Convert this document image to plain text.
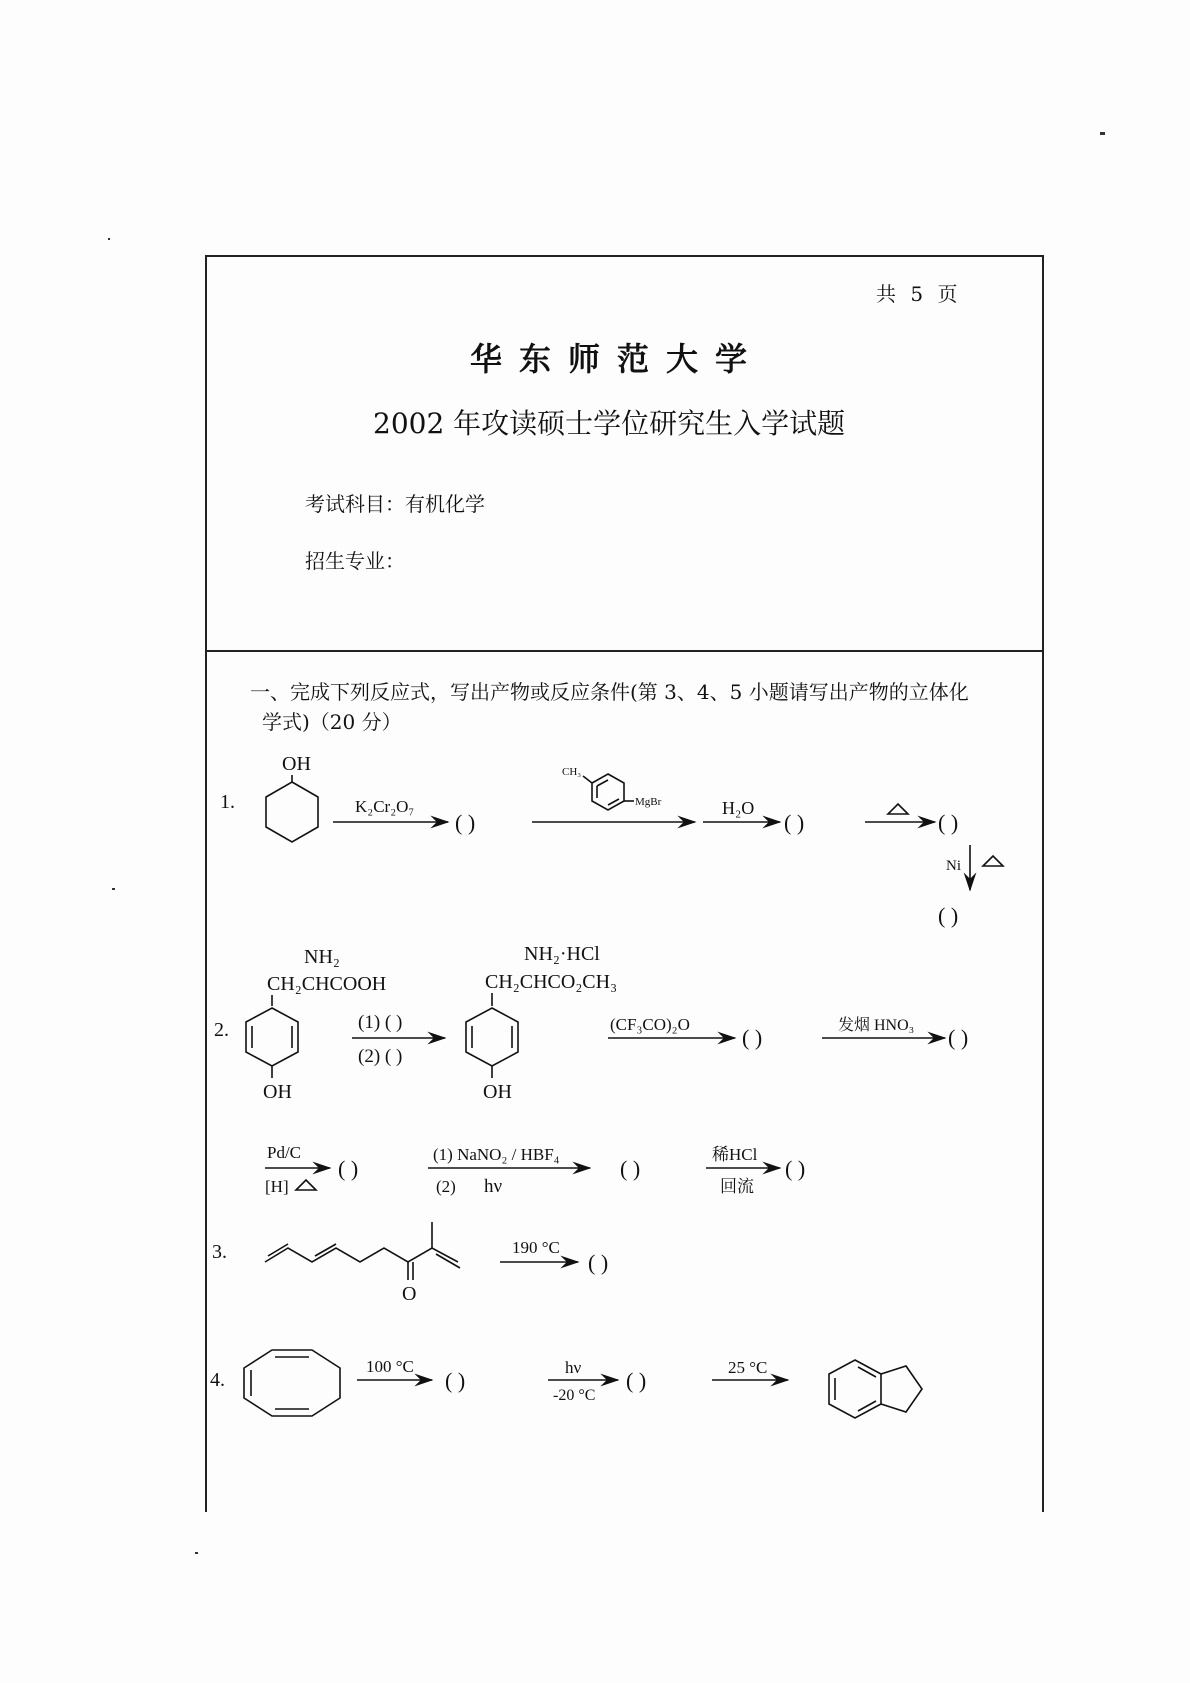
共 5 页
华东师范大学
2002 年攻读硕士学位研究生入学试题
考试科目：有机化学
招生专业：
一、完成下列反应式，写出产物或反应条件(第 3、4、5 小题请写出产物的立体化
学式)（20 分）
1.
OH
K₂Cr₂O₇
( )
CH₃
MgBr	H₂O
( )	( )
Ni
( )
2.
NH₂
CH₂CHCOOH
OH
(1) ( )
(2) ( )
NH₂·HCl
CH₂CHCO₂CH₃
OH
(CF₃CO)₂O
( )	发烟 HNO₃ ( )
Pd/C
[H]
( )
(1) NaNO₂ / HBF₄
(2) hν
( )
稀HCl
回流
( )
3.
O
190 °C
( )
4.
100 °C
( )
hν
-20 °C
( )
25 °C
